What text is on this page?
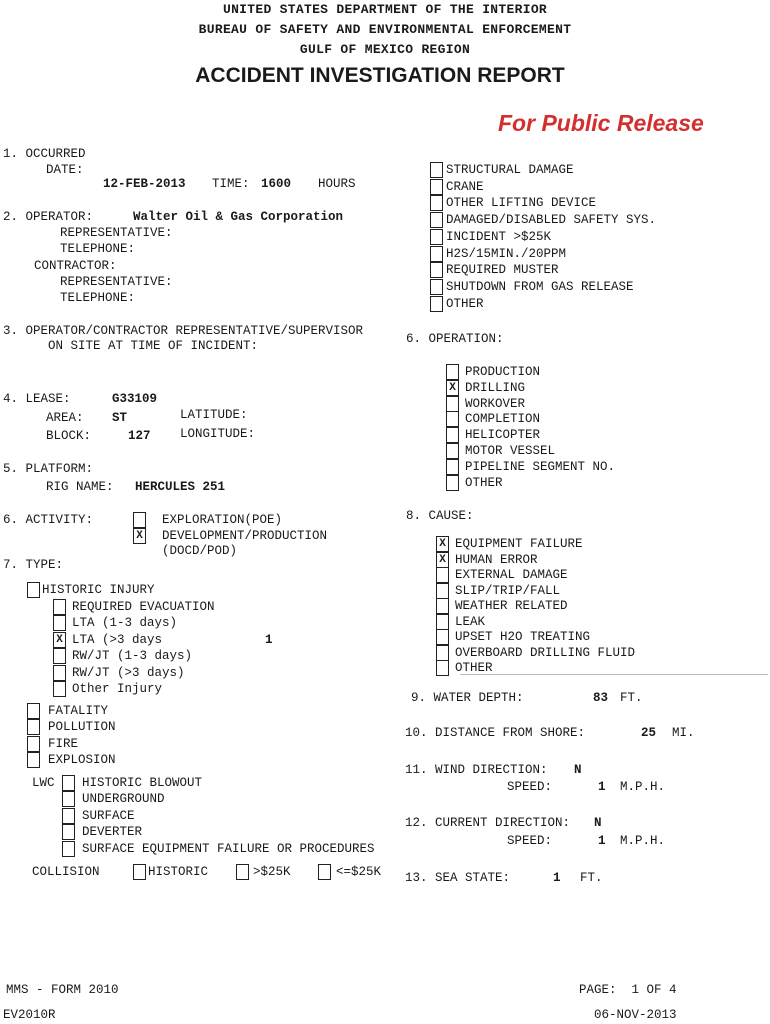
UNITED STATES DEPARTMENT OF THE INTERIOR
BUREAU OF SAFETY AND ENVIRONMENTAL ENFORCEMENT
GULF OF MEXICO REGION
ACCIDENT INVESTIGATION REPORT
For Public Release
1. OCCURRED
DATE:
12-FEB-2013 TIME: 1600 HOURS
2. OPERATOR:	Walter Oil & Gas Corporation
REPRESENTATIVE:
TELEPHONE:
CONTRACTOR:
REPRESENTATIVE:
TELEPHONE:
3. OPERATOR/CONTRACTOR REPRESENTATIVE/SUPERVISOR
ON SITE AT TIME OF INCIDENT:
4. LEASE:	G33109
AREA: ST	LATITUDE:
BLOCK:	127 LONGITUDE:
5. PLATFORM:
RIG NAME: HERCULES 251
6. ACTIVITY:	EXPLORATION(POE)
X DEVELOPMENT/PRODUCTION
(DOCD/POD)
7. TYPE:
HISTORIC INJURY
REQUIRED EVACUATION
LTA (1-3 days)
X LTA (>3 days	1
RW/JT (1-3 days)
RW/JT (>3 days)
Other Injury
FATALITY
POLLUTION
FIRE
EXPLOSION
LWC HISTORIC BLOWOUT
UNDERGROUND
SURFACE
DEVERTER
SURFACE EQUIPMENT FAILURE OR PROCEDURES
COLLISION	HISTORIC	>$25K	<=$25K
STRUCTURAL DAMAGE
CRANE
OTHER LIFTING DEVICE
DAMAGED/DISABLED SAFETY SYS.
INCIDENT >$25K
H2S/15MIN./20PPM
REQUIRED MUSTER
SHUTDOWN FROM GAS RELEASE
OTHER
6. OPERATION:
PRODUCTION
X DRILLING
WORKOVER
COMPLETION
HELICOPTER
MOTOR VESSEL
PIPELINE SEGMENT NO.
OTHER
8. CAUSE:
X EQUIPMENT FAILURE
X HUMAN ERROR
EXTERNAL DAMAGE
SLIP/TRIP/FALL
WEATHER RELATED
LEAK
UPSET H2O TREATING
OVERBOARD DRILLING FLUID
OTHER
9. WATER DEPTH:	83 FT.
10. DISTANCE FROM SHORE:	25 MI.
11. WIND DIRECTION: N
SPEED:	1 M.P.H.
12. CURRENT DIRECTION: N
SPEED:	1 M.P.H.
13. SEA STATE:	1 FT.
MMS - FORM 2010	PAGE:  1 OF 4
EV2010R	06-NOV-2013
